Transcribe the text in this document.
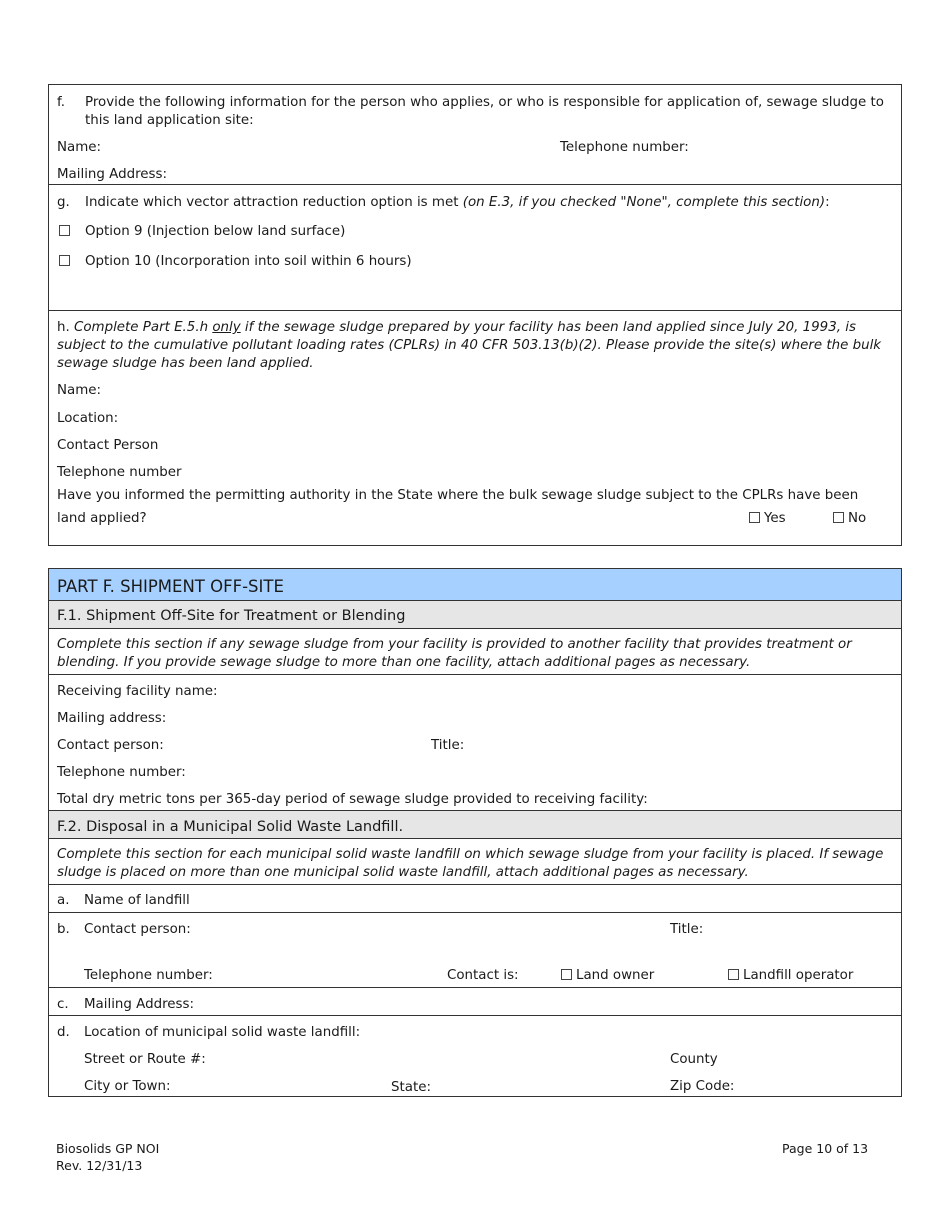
f. Provide the following information for the person who applies, or who is responsible for application of, sewage sludge to this land application site:
Name:	Telephone number:
Mailing Address:
g. Indicate which vector attraction reduction option is met (on E.3, if you checked "None", complete this section):
Option 9 (Injection below land surface)
Option 10 (Incorporation into soil within 6 hours)
h. Complete Part E.5.h only if the sewage sludge prepared by your facility has been land applied since July 20, 1993, is subject to the cumulative pollutant loading rates (CPLRs) in 40 CFR 503.13(b)(2). Please provide the site(s) where the bulk sewage sludge has been land applied.
Name:
Location:
Contact Person
Telephone number
Have you informed the permitting authority in the State where the bulk sewage sludge subject to the CPLRs have been
land applied?	Yes	No
PART F. SHIPMENT OFF-SITE
F.1. Shipment Off-Site for Treatment or Blending
Complete this section if any sewage sludge from your facility is provided to another facility that provides treatment or blending. If you provide sewage sludge to more than one facility, attach additional pages as necessary.
Receiving facility name:
Mailing address:
Contact person:	Title:
Telephone number:
Total dry metric tons per 365-day period of sewage sludge provided to receiving facility:
F.2. Disposal in a Municipal Solid Waste Landfill.
Complete this section for each municipal solid waste landfill on which sewage sludge from your facility is placed. If sewage sludge is placed on more than one municipal solid waste landfill, attach additional pages as necessary.
a. Name of landfill
b. Contact person:	Title:
Telephone number:	Contact is:	Land owner	Landfill operator
c. Mailing Address:
d. Location of municipal solid waste landfill:
Street or Route #:	County
City or Town:	State:	Zip Code:
Biosolids GP NOI
Rev. 12/31/13
Page 10 of 13
